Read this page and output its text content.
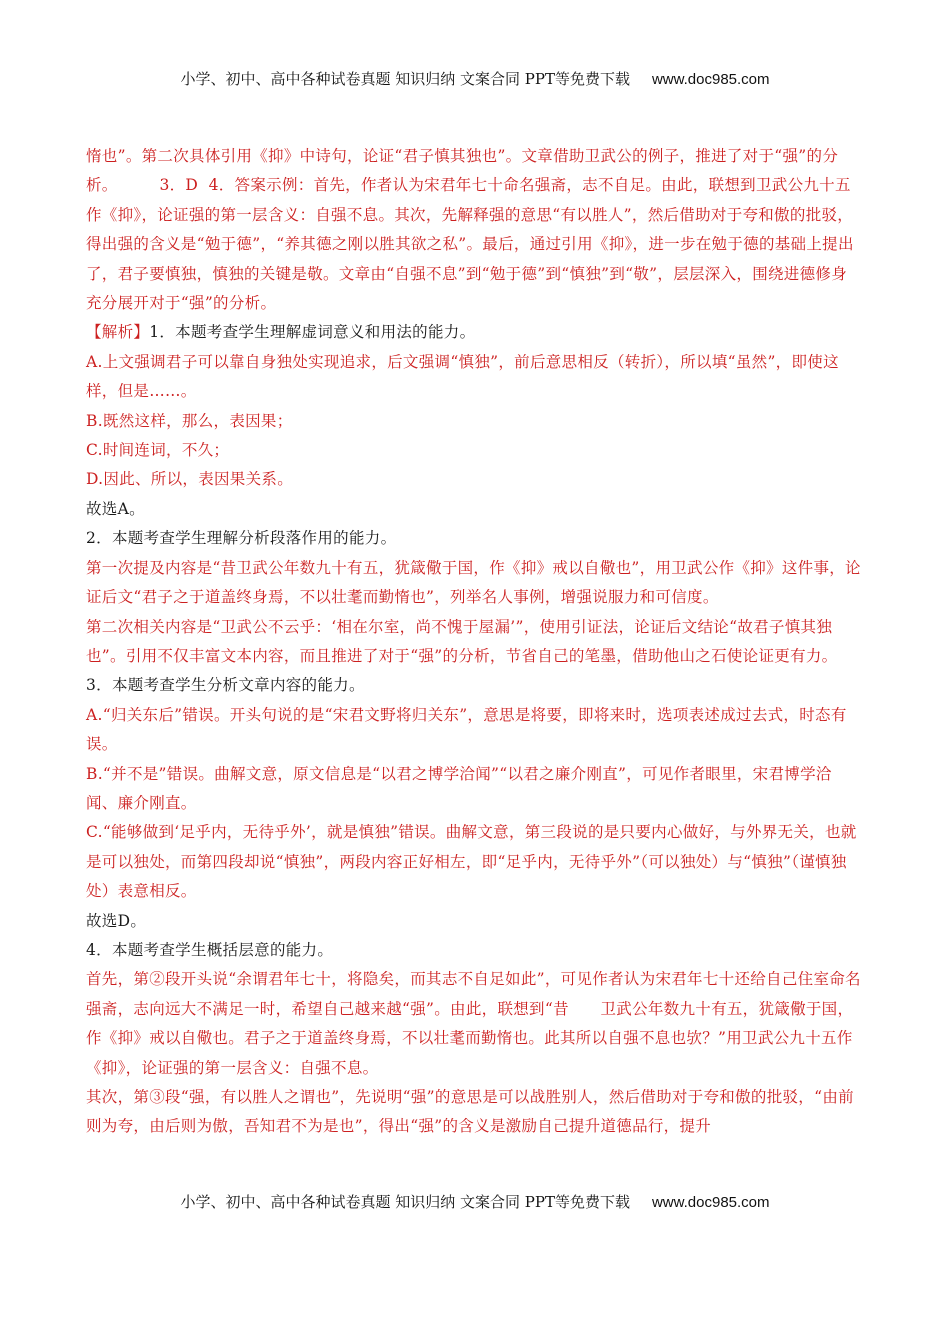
小学、初中、高中各种试卷真题 知识归纳 文案合同 PPT等免费下载 www.doc985.com

惰也”。第二次具体引用《抑》中诗句，论证“君子慎其独也”。文章借助卫武公的例子，推进了对于“强”的分析。	3．D 4．答案示例：首先，作者认为宋君年七十命名强斋，志不自足。由此，联想到卫武公九十五作《抑》，论证强的第一层含义：自强不息。其次，先解释强的意思“有以胜人”，然后借助对于夸和傲的批驳，得出强的含义是“勉于德”，“养其德之刚以胜其欲之私”。最后，通过引用《抑》，进一步在勉于德的基础上提出了，君子要慎独，慎独的关键是敬。文章由“自强不息”到“勉于德”到“慎独”到“敬”，层层深入，围绕进德修身充分展开对于“强”的分析。

【解析】1．本题考查学生理解虚词意义和用法的能力。

A.上文强调君子可以靠自身独处实现追求，后文强调“慎独”，前后意思相反（转折），所以填“虽然”，即使这样，但是……。

B.既然这样，那么，表因果；

C.时间连词，不久；

D.因此、所以，表因果关系。

故选A。

2．本题考查学生理解分析段落作用的能力。

第一次提及内容是“昔卫武公年数九十有五，犹箴儆于国，作《抑》戒以自儆也”，用卫武公作《抑》这件事，论证后文“君子之于道盖终身焉，不以壮耄而勤惰也”，列举名人事例，增强说服力和可信度。

第二次相关内容是“卫武公不云乎：‘相在尔室，尚不愧于屋漏’”，使用引证法，论证后文结论“故君子慎其独也”。引用不仅丰富文本内容，而且推进了对于“强”的分析，节省自己的笔墨，借助他山之石使论证更有力。

3．本题考查学生分析文章内容的能力。

A.“归关东后”错误。开头句说的是“宋君文野将归关东”，意思是将要，即将来时，选项表述成过去式，时态有误。

B.“并不是”错误。曲解文意，原文信息是“以君之博学洽闻”“以君之廉介刚直”，可见作者眼里，宋君博学洽闻、廉介刚直。

C.“能够做到‘足乎内，无待乎外’，就是慎独”错误。曲解文意，第三段说的是只要内心做好，与外界无关，也就是可以独处，而第四段却说“慎独”，两段内容正好相左，即“足乎内，无待乎外”（可以独处）与“慎独”（谨慎独处）表意相反。

故选D。

4．本题考查学生概括层意的能力。

首先，第②段开头说“余谓君年七十，将隐矣，而其志不自足如此”，可见作者认为宋君年七十还给自己住室命名强斋，志向远大不满足一时，希望自己越来越“强”。由此，联想到“昔　　卫武公年数九十有五，犹箴儆于国，作《抑》戒以自儆也。君子之于道盖终身焉，不以壮耄而勤惰也。此其所以自强不息也欤？”用卫武公九十五作《抑》，论证强的第一层含义：自强不息。

其次，第③段“强，有以胜人之谓也”，先说明“强”的意思是可以战胜别人，然后借助对于夸和傲的批驳，“由前则为夸，由后则为傲，吾知君不为是也”，得出“强”的含义是激励自己提升道德品行，提升

小学、初中、高中各种试卷真题 知识归纳 文案合同 PPT等免费下载 www.doc985.com
